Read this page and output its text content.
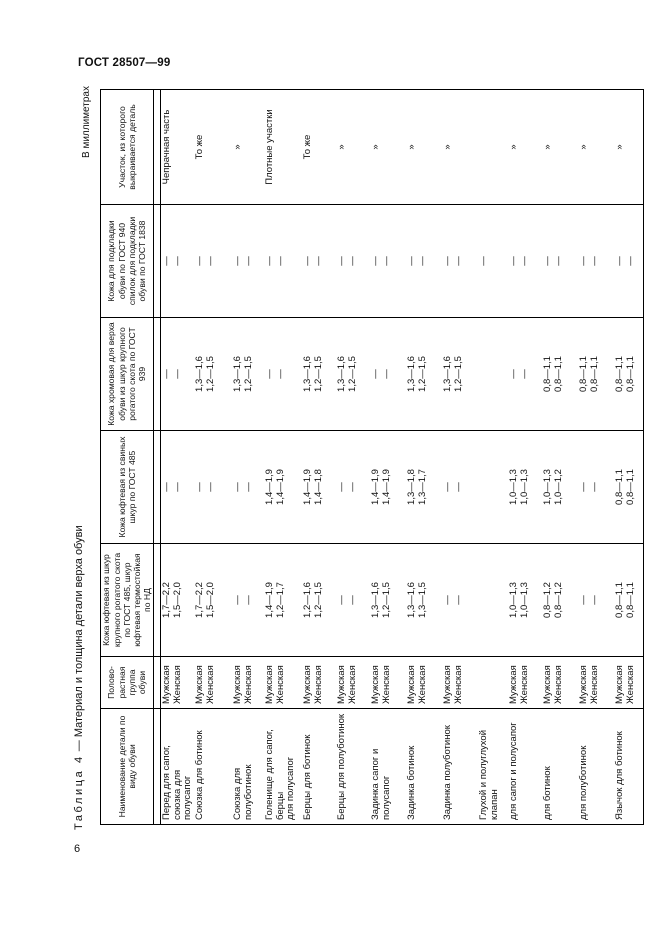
ГОСТ 28507—99
В миллиметрах
Таблица 4 — Материал и толщина детали верха обуви
Наименование детали по виду обуви	Полово-растная группа обуви	Кожа юфтевая из шкур крупного рогатого скота по ГОСТ 485, шкур юфтевая термостойкая по НД	Кожа юфтевая из свиных шкур по ГОСТ 485	Кожа хромовая для верха обуви из шкур крупного рогатого скота по ГОСТ 939	Кожа для подкладки обуви по ГОСТ 940 спилок для подкладки обуви по ГОСТ 1838	Участок, из которого выкраивается деталь

Перед для сапог, союзка для полусапог	Мужская Женская	1,7—2,2 1,5—2,0	— —	— —	— —	Чепрачная часть

Союзка для ботинок	Мужская Женская	1,7—2,2 1,5—2,0	— —	1,3—1,6 1,2—1,5	— —	То же

Союзка для полуботинок	Мужская Женская	— —	— —	1,3—1,6 1,2—1,5	— —	»

Голенище для сапог, берцы для полусапог	Мужская Женская	1,4—1,9 1,2—1,7	1,4—1,9 1,4—1,9	— —	— —	Плотные участки

Берцы для ботинок	Мужская Женская	1,2—1,6 1,2—1,5	1,4—1,9 1,4—1,8	1,3—1,6 1,2—1,5	— —	То же

Берцы для полуботинок	Мужская Женская	— —	— —	1,3—1,6 1,2—1,5	— —	»

Задинка сапог и полусапог	Мужская Женская	1,3—1,6 1,2—1,5	1,4—1,9 1,4—1,9	— —	— —	»

Задинка ботинок	Мужская Женская	1,3—1,6 1,3—1,5	1,3—1,8 1,3—1,7	1,3—1,6 1,2—1,5	— —	»

Задинка полуботинок	Мужская Женская	— —	— —	1,3—1,6 1,2—1,5	— —	»

Глухой и полуглухой клапан					—	

для сапог и полусапог	Мужская Женская	1,0—1,3 1,0—1,3	1,0—1,3 1,0—1,3	— —	— —	»

для ботинок	Мужская Женская	0,8—1,2 0,8—1,2	1,0—1,3 1,0—1,2	0,8—1,1 0,8—1,1	— —	»

для полуботинок	Мужская Женская	— —	— —	0,8—1,1 0,8—1,1	— —	»

Язычок для ботинок	Мужская Женская	0,8—1,1 0,8—1,1	0,8—1,1 0,8—1,1	0,8—1,1 0,8—1,1	— —	»
6
